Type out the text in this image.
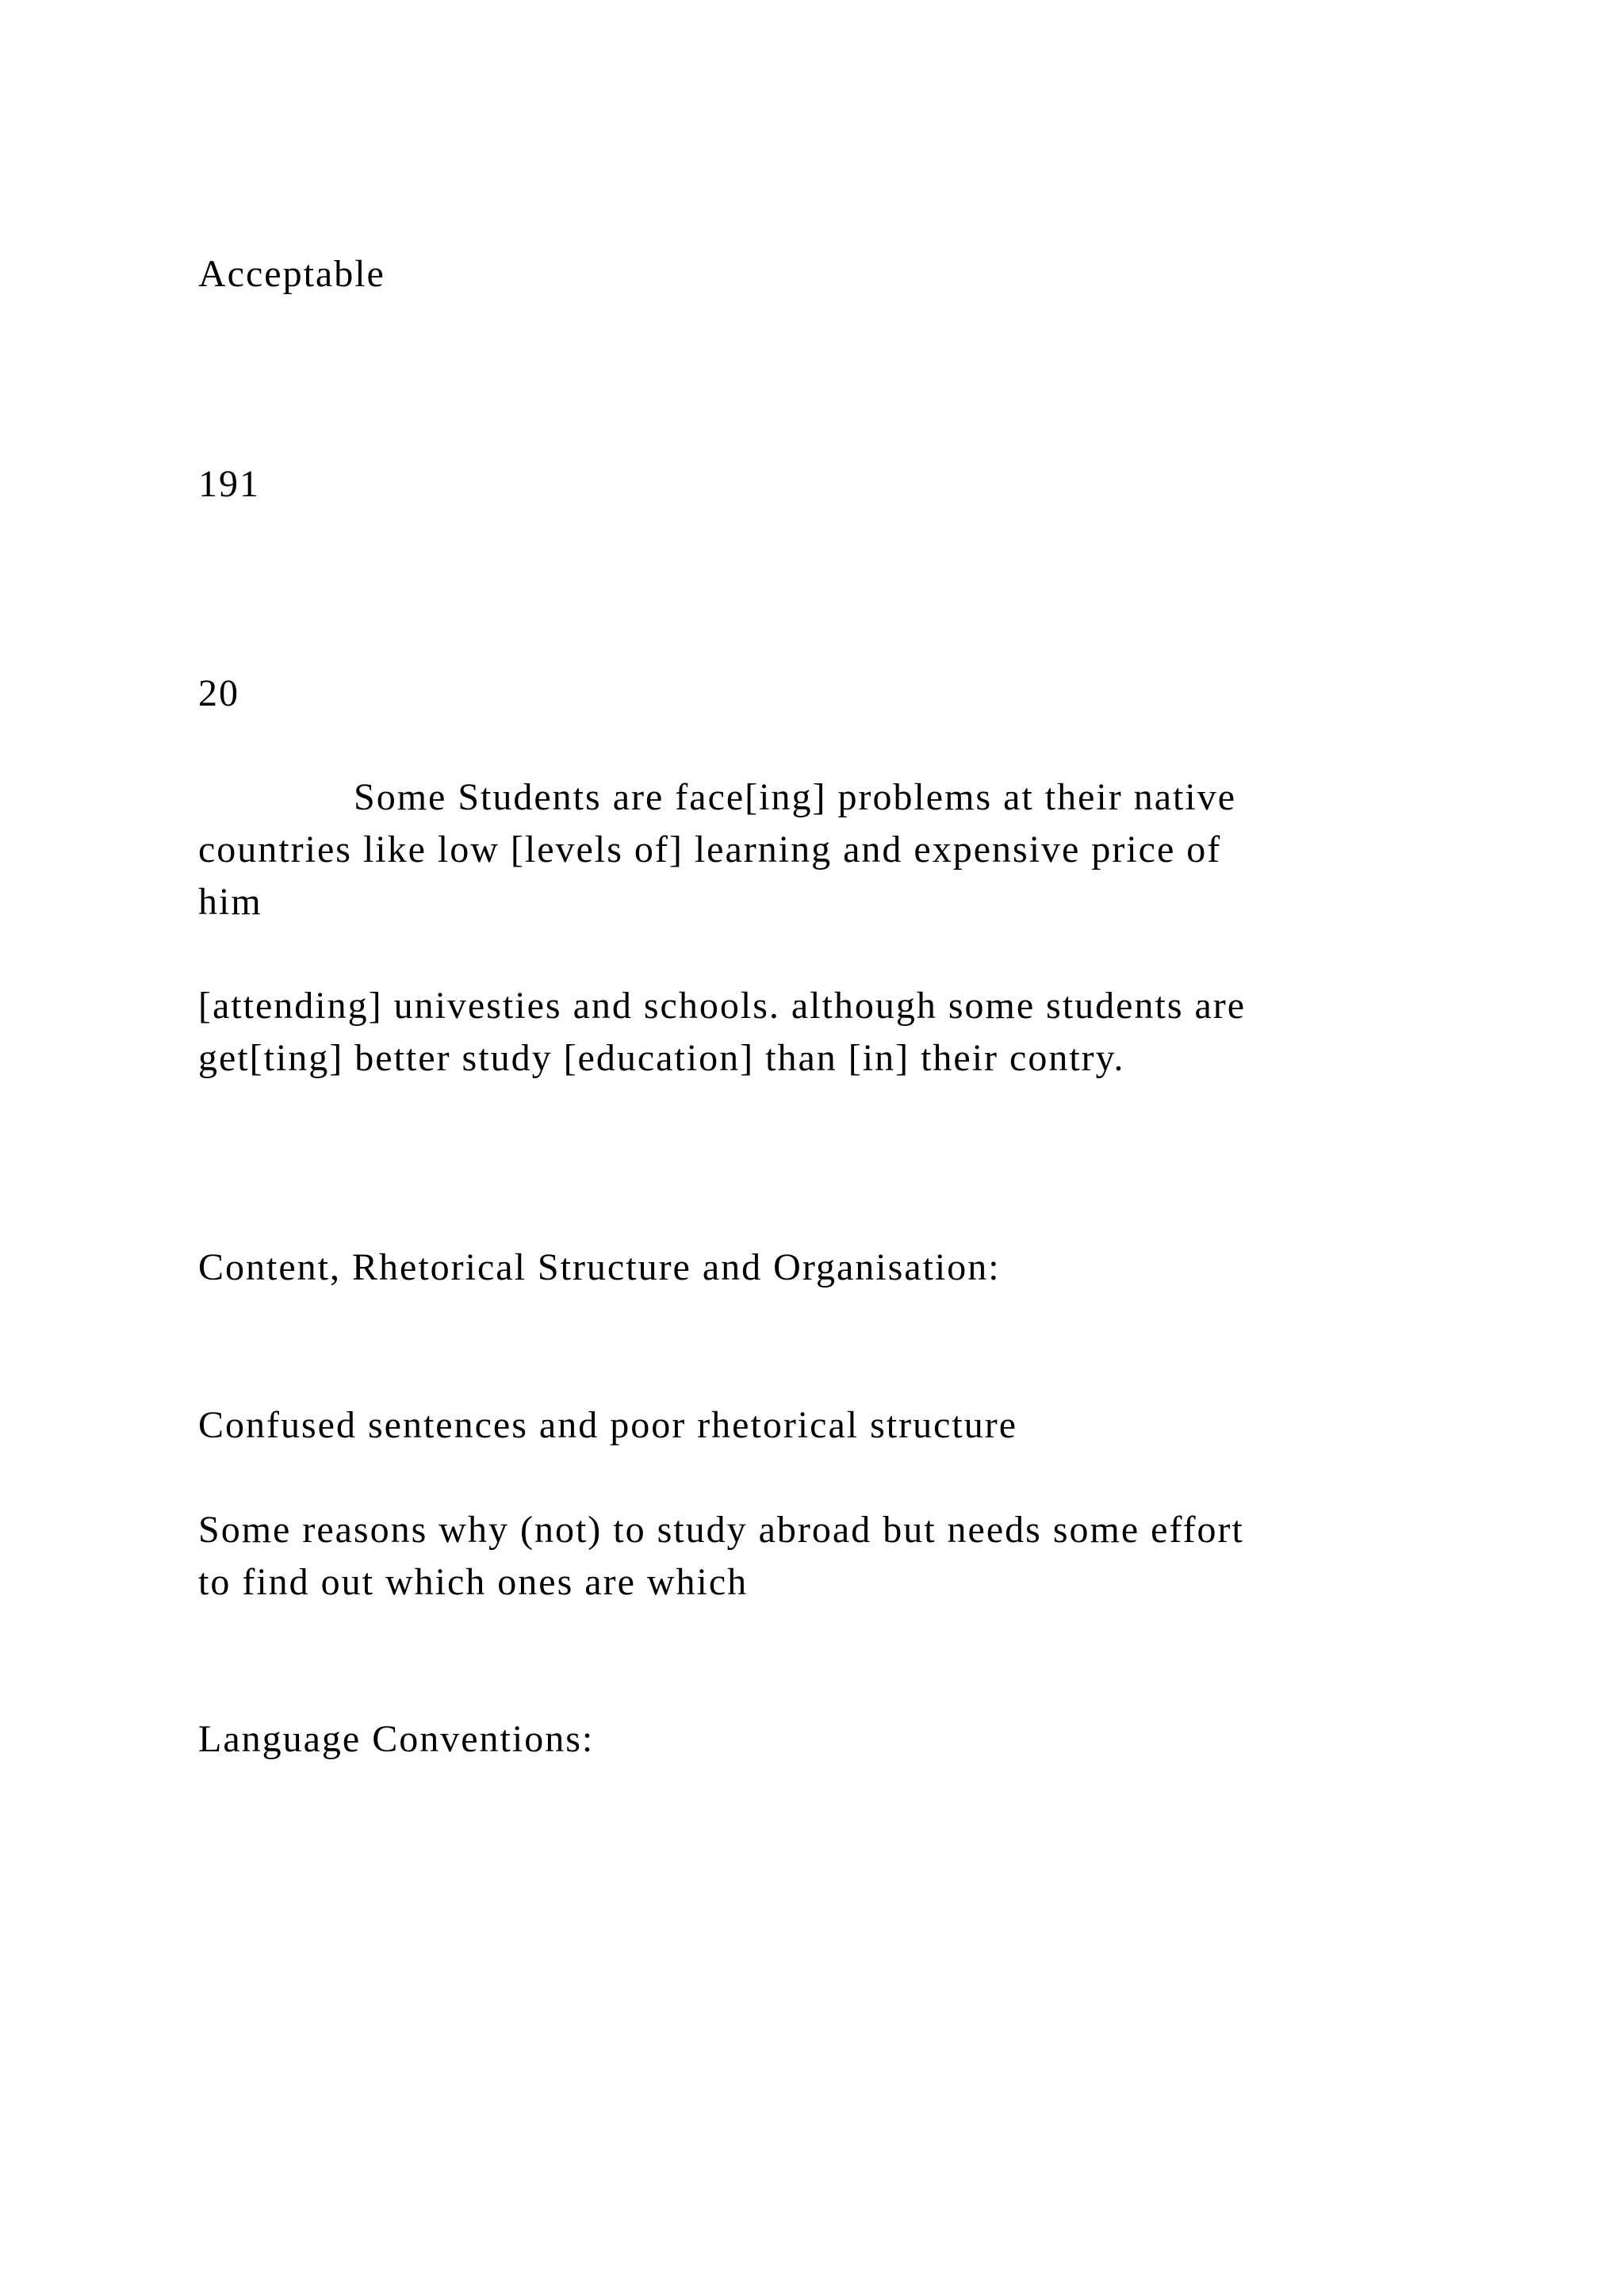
Acceptable

191

20

Some Students are face[ing] problems at their native

countries like low [levels of] learning and expensive price of

him

[attending] univesties and schools. although some students are

get[ting] better study [education] than [in] their contry.

Content, Rhetorical Structure and Organisation:

Confused sentences and poor rhetorical structure

Some reasons why (not) to study abroad but needs some effort

to find out which ones are which

Language Conventions:
